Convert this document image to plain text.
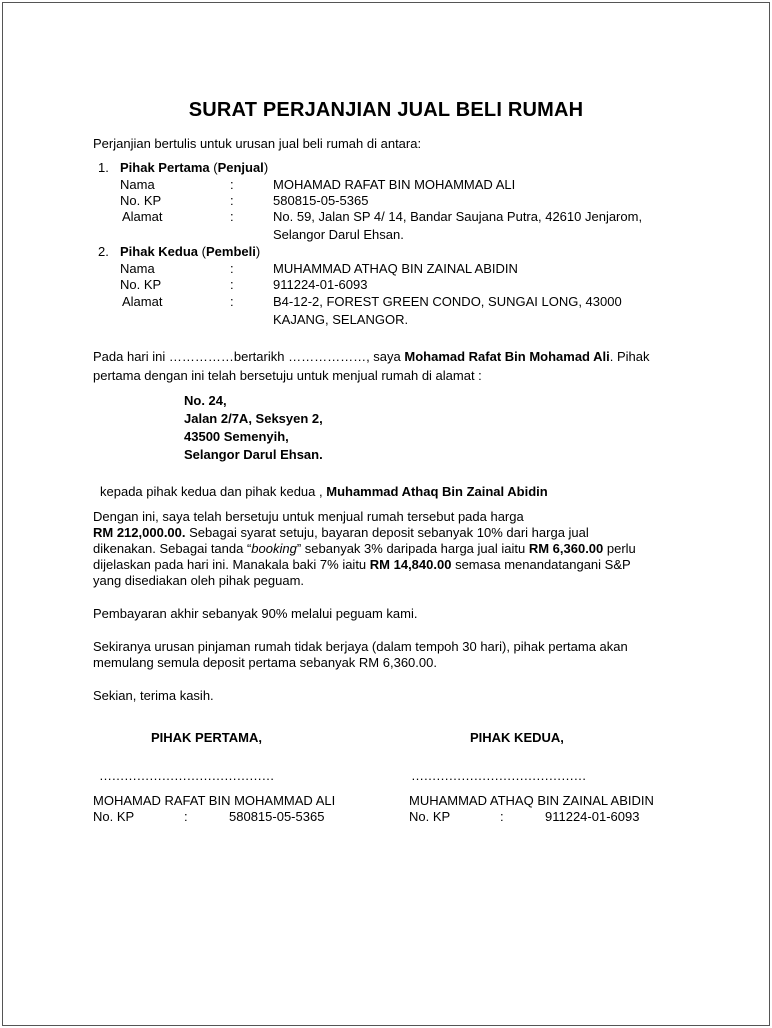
SURAT PERJANJIAN JUAL BELI RUMAH
Perjanjian bertulis untuk urusan jual beli rumah di antara:
1. Pihak Pertama (Penjual)
Nama	:	MOHAMAD RAFAT BIN MOHAMMAD ALI
No. KP	:	580815-05-5365
Alamat	:	No. 59, Jalan SP 4/ 14, Bandar Saujana Putra, 42610 Jenjarom,
Selangor Darul Ehsan.
2. Pihak Kedua (Pembeli)
Nama	:	MUHAMMAD ATHAQ BIN ZAINAL ABIDIN
No. KP	:	911224-01-6093
Alamat	:	B4-12-2, FOREST GREEN CONDO, SUNGAI LONG, 43000
KAJANG, SELANGOR.
Pada hari ini ……………bertarikh ………………, saya Mohamad Rafat Bin Mohamad Ali. Pihak
pertama dengan ini telah bersetuju untuk menjual rumah di alamat :
No. 24,
Jalan 2/7A, Seksyen 2,
43500 Semenyih,
Selangor Darul Ehsan.
kepada pihak kedua dan pihak kedua , Muhammad Athaq Bin Zainal Abidin
Dengan ini, saya telah bersetuju untuk menjual rumah tersebut pada harga
RM 212,000.00. Sebagai syarat setuju, bayaran deposit sebanyak 10% dari harga jual
dikenakan. Sebagai tanda “booking” sebanyak 3% daripada harga jual iaitu RM 6,360.00 perlu
dijelaskan pada hari ini. Manakala baki 7% iaitu RM 14,840.00 semasa menandatangani S&P
yang disediakan oleh pihak peguam.
Pembayaran akhir sebanyak 90% melalui peguam kami.
Sekiranya urusan pinjaman rumah tidak berjaya (dalam tempoh 30 hari), pihak pertama akan
memulang semula deposit pertama sebanyak RM 6,360.00.
Sekian, terima kasih.
PIHAK PERTAMA,
……………………………………
MOHAMAD RAFAT BIN MOHAMMAD ALI
No. KP	:	580815-05-5365
PIHAK KEDUA,
……………………………………
MUHAMMAD ATHAQ BIN ZAINAL ABIDIN
No. KP	:	911224-01-6093
